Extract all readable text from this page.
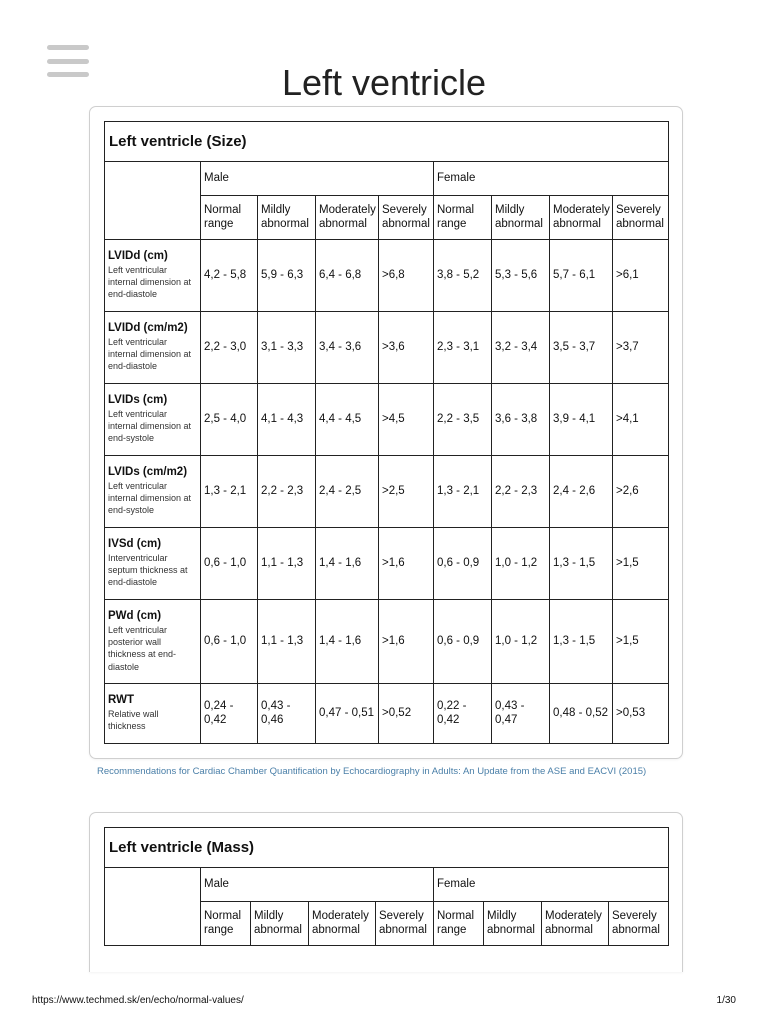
Left ventricle
Left ventricle (Size)								
	Male				Female			
	Normal range	Mildly abnormal	Moderately abnormal	Severely abnormal	Normal range	Mildly abnormal	Moderately abnormal	Severely abnormal

LVIDd (cm)
Left ventricular internal dimension at end-diastole	4,2 - 5,8	5,9 - 6,3	6,4 - 6,8	>6,8	3,8 - 5,2	5,3 - 5,6	5,7 - 6,1	>6,1

LVIDd (cm/m2)
Left ventricular internal dimension at end-diastole	2,2 - 3,0	3,1 - 3,3	3,4 - 3,6	>3,6	2,3 - 3,1	3,2 - 3,4	3,5 - 3,7	>3,7

LVIDs (cm)
Left ventricular internal dimension at end-systole	2,5 - 4,0	4,1 - 4,3	4,4 - 4,5	>4,5	2,2 - 3,5	3,6 - 3,8	3,9 - 4,1	>4,1

LVIDs (cm/m2)
Left ventricular internal dimension at end-systole	1,3 - 2,1	2,2 - 2,3	2,4 - 2,5	>2,5	1,3 - 2,1	2,2 - 2,3	2,4 - 2,6	>2,6

IVSd (cm)
Interventricular septum thickness at end-diastole	0,6 - 1,0	1,1 - 1,3	1,4 - 1,6	>1,6	0,6 - 0,9	1,0 - 1,2	1,3 - 1,5	>1,5

PWd (cm)
Left ventricular posterior wall thickness at end-diastole	0,6 - 1,0	1,1 - 1,3	1,4 - 1,6	>1,6	0,6 - 0,9	1,0 - 1,2	1,3 - 1,5	>1,5

RWT
Relative wall thickness	0,24 - 0,42	0,43 - 0,46	0,47 - 0,51	>0,52	0,22 - 0,42	0,43 - 0,47	0,48 - 0,52	>0,53
Recommendations for Cardiac Chamber Quantification by Echocardiography in Adults: An Update from the ASE and EACVI (2015)
Left ventricle (Mass)								
	Male				Female			
	Normal range	Mildly abnormal	Moderately abnormal	Severely abnormal	Normal range	Mildly abnormal	Moderately abnormal	Severely abnormal
https://www.techmed.sk/en/echo/normal-values/	1/30
